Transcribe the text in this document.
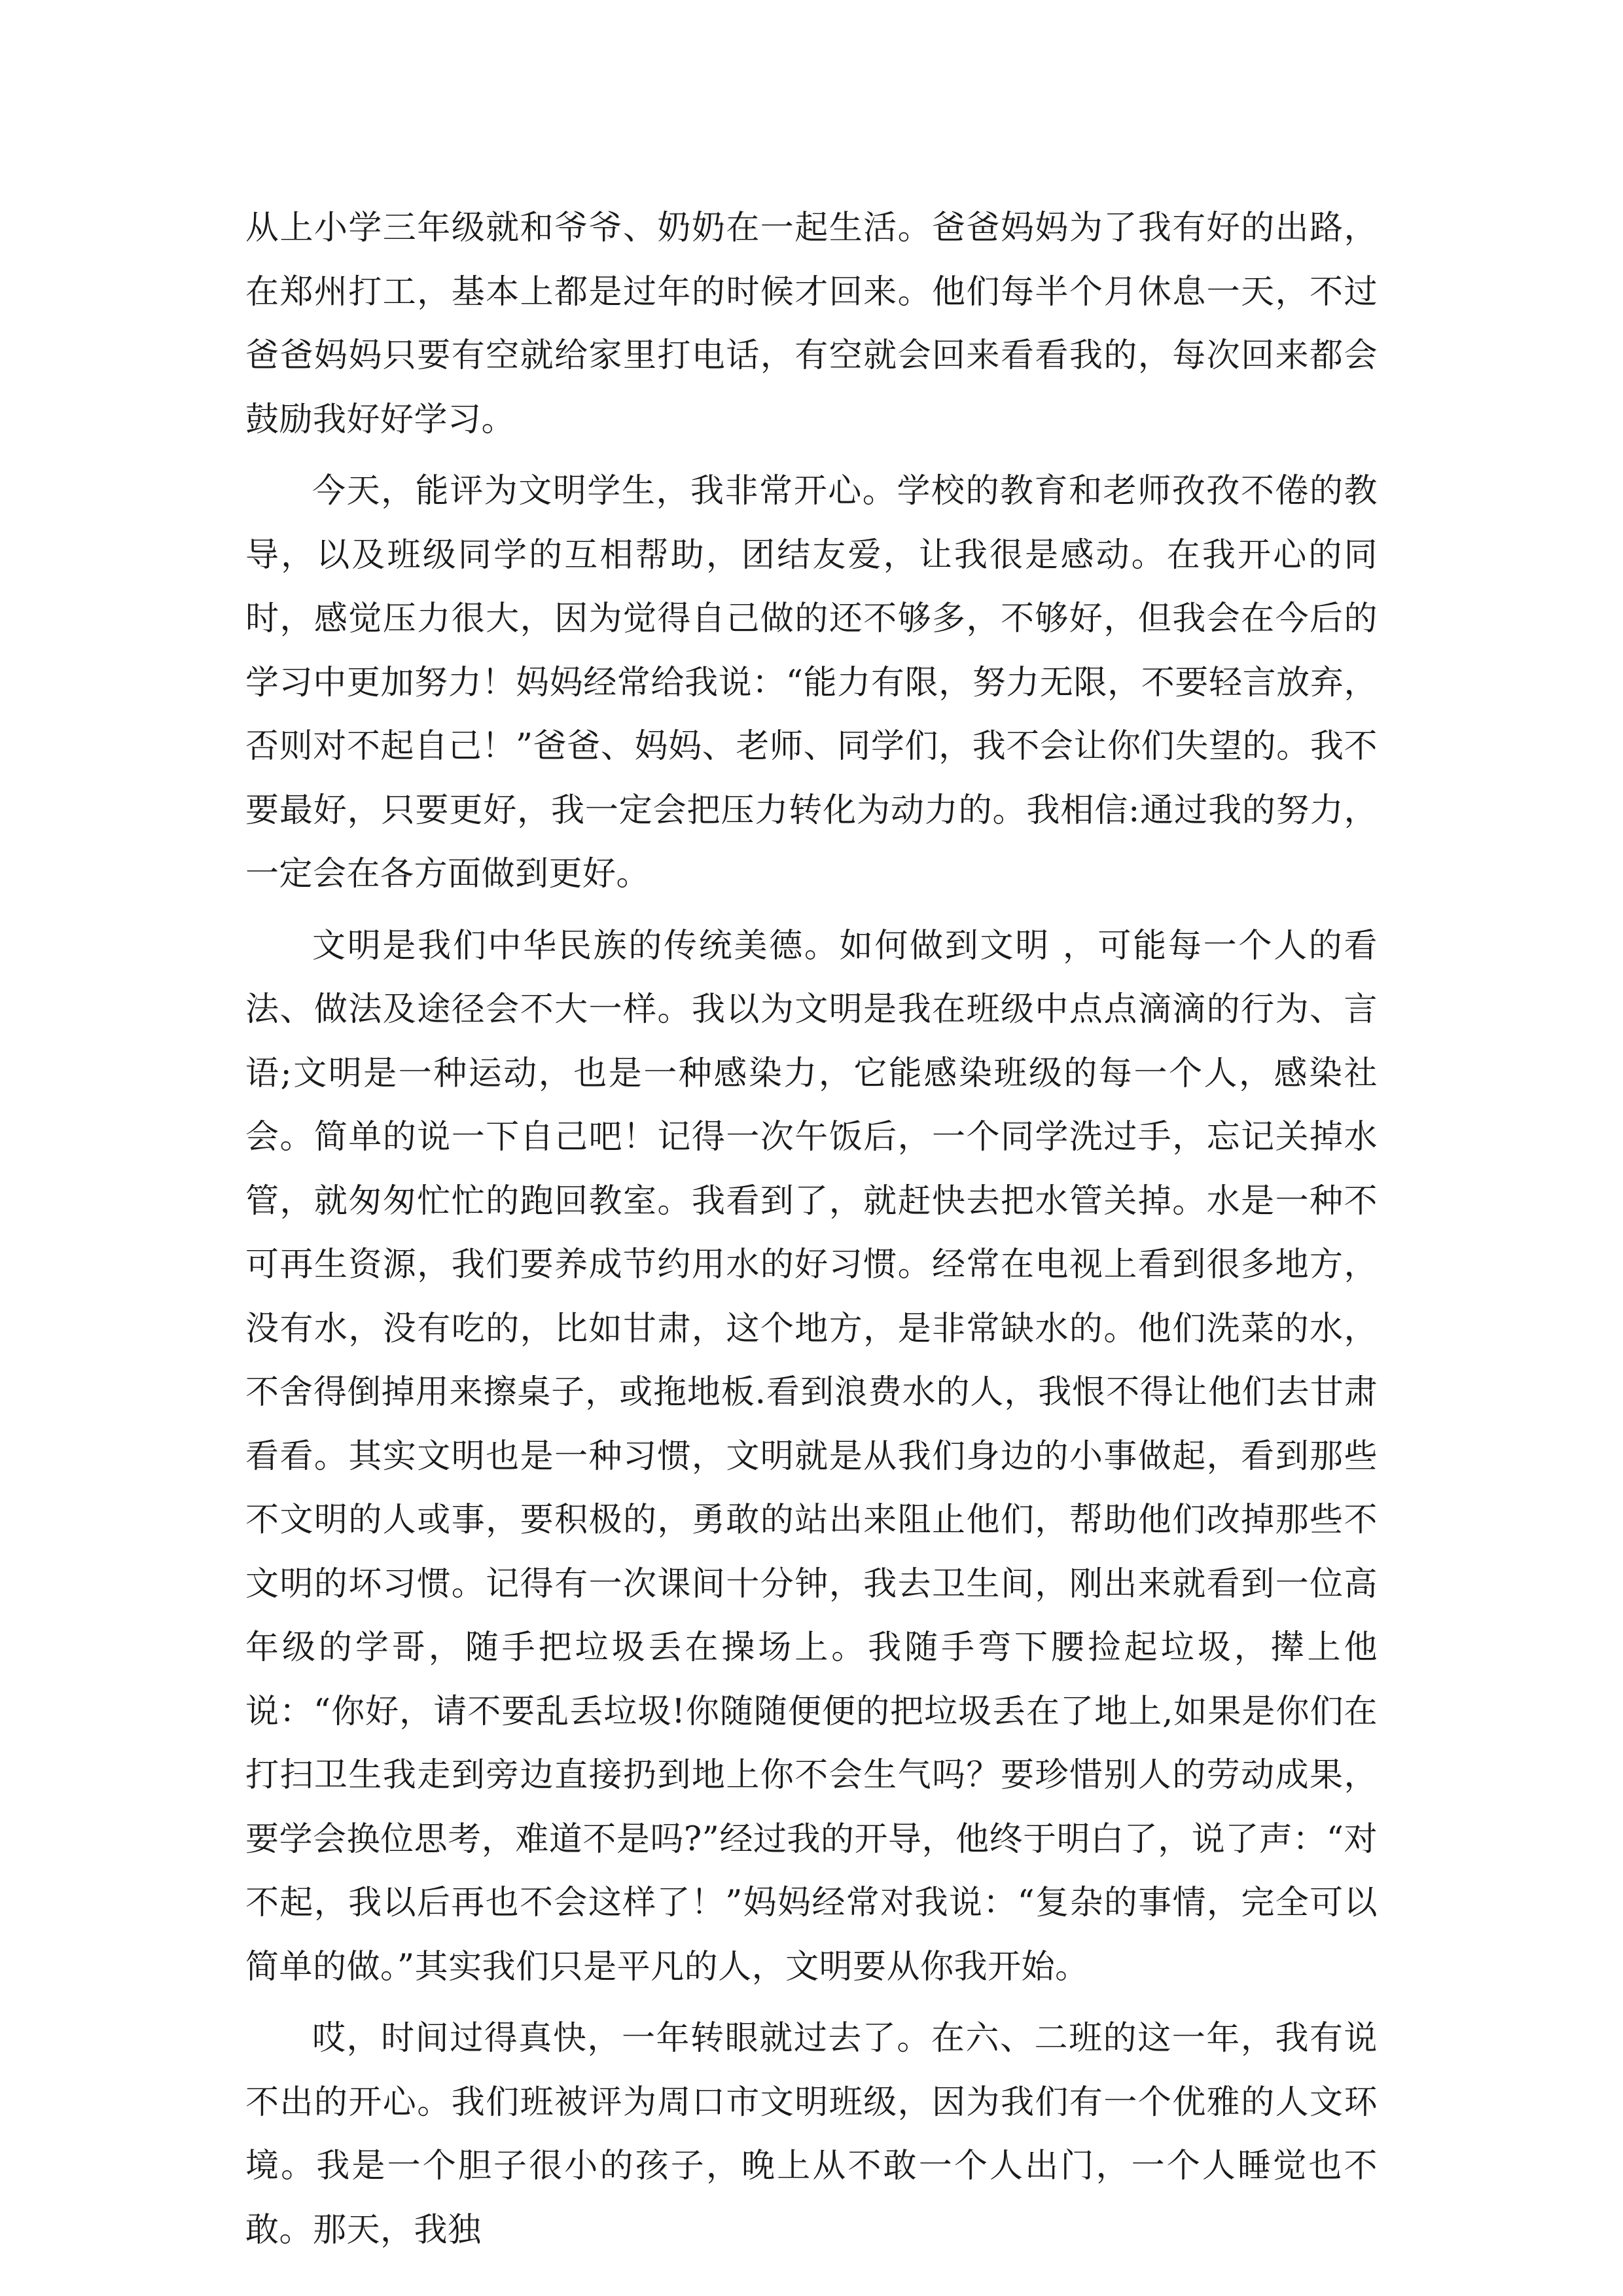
从上小学三年级就和爷爷、奶奶在一起生活。爸爸妈妈为了我有好的出路，在郑州打工，基本上都是过年的时候才回来。他们每半个月休息一天，不过爸爸妈妈只要有空就给家里打电话，有空就会回来看看我的，每次回来都会鼓励我好好学习。

今天，能评为文明学生，我非常开心。学校的教育和老师孜孜不倦的教导，以及班级同学的互相帮助，团结友爱，让我很是感动。在我开心的同时，感觉压力很大，因为觉得自己做的还不够多，不够好，但我会在今后的学习中更加努力！妈妈经常给我说：“能力有限，努力无限，不要轻言放弃，否则对不起自己！”爸爸、妈妈、老师、同学们，我不会让你们失望的。我不要最好，只要更好，我一定会把压力转化为动力的。我相信:通过我的努力，一定会在各方面做到更好。

文明是我们中华民族的传统美德。如何做到文明 ，可能每一个人的看法、做法及途径会不大一样。我以为文明是我在班级中点点滴滴的行为、言语;文明是一种运动，也是一种感染力，它能感染班级的每一个人，感染社会。简单的说一下自己吧！记得一次午饭后，一个同学洗过手，忘记关掉水管，就匆匆忙忙的跑回教室。我看到了，就赶快去把水管关掉。水是一种不可再生资源，我们要养成节约用水的好习惯。经常在电视上看到很多地方，没有水，没有吃的，比如甘肃，这个地方，是非常缺水的。他们洗菜的水，不舍得倒掉用来擦桌子，或拖地板.看到浪费水的人，我恨不得让他们去甘肃看看。其实文明也是一种习惯，文明就是从我们身边的小事做起，看到那些不文明的人或事，要积极的，勇敢的站出来阻止他们，帮助他们改掉那些不文明的坏习惯。记得有一次课间十分钟，我去卫生间，刚出来就看到一位高年级的学哥，随手把垃圾丢在操场上。我随手弯下腰捡起垃圾，撵上他说：“你好，请不要乱丢垃圾!你随随便便的把垃圾丢在了地上,如果是你们在打扫卫生我走到旁边直接扔到地上你不会生气吗？要珍惜别人的劳动成果，要学会换位思考，难道不是吗?”经过我的开导，他终于明白了，说了声：“对不起，我以后再也不会这样了！”妈妈经常对我说：“复杂的事情，完全可以简单的做。”其实我们只是平凡的人，文明要从你我开始。

哎，时间过得真快，一年转眼就过去了。在六、二班的这一年，我有说不出的开心。我们班被评为周口市文明班级，因为我们有一个优雅的人文环境。我是一个胆子很小的孩子，晚上从不敢一个人出门，一个人睡觉也不敢。那天，我独
